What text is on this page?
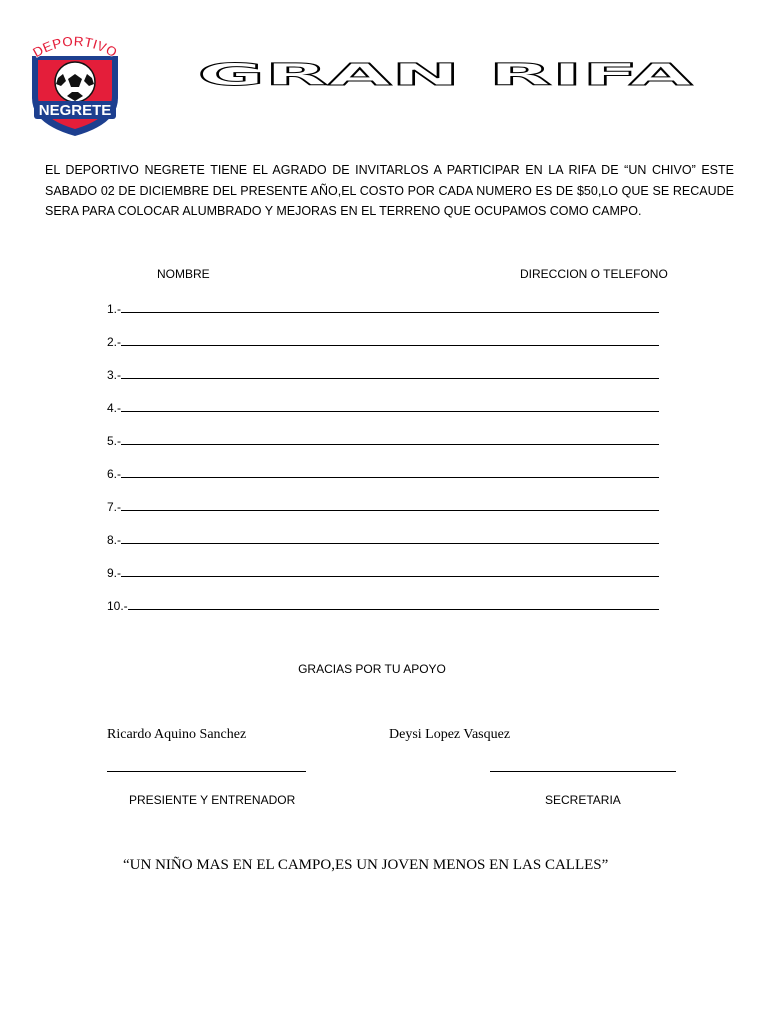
DEPORTIVO
NEGRETE
GRAN RIFA
EL DEPORTIVO NEGRETE TIENE EL AGRADO DE INVITARLOS A PARTICIPAR EN LA RIFA DE “UN CHIVO” ESTE SABADO 02 DE DICIEMBRE DEL PRESENTE AÑO,EL COSTO POR CADA NUMERO ES DE $50,LO QUE SE RECAUDE SERA PARA COLOCAR ALUMBRADO Y MEJORAS EN EL TERRENO QUE OCUPAMOS COMO CAMPO.
NOMBRE	DIRECCION O TELEFONO
1.-
2.-
3.-
4.-
5.-
6.-
7.-
8.-
9.-
10.-
GRACIAS POR TU APOYO
Ricardo Aquino Sanchez	Deysi Lopez Vasquez
PRESIENTE Y ENTRENADOR	SECRETARIA
“UN NIÑO MAS EN EL CAMPO,ES UN JOVEN MENOS EN LAS CALLES”
